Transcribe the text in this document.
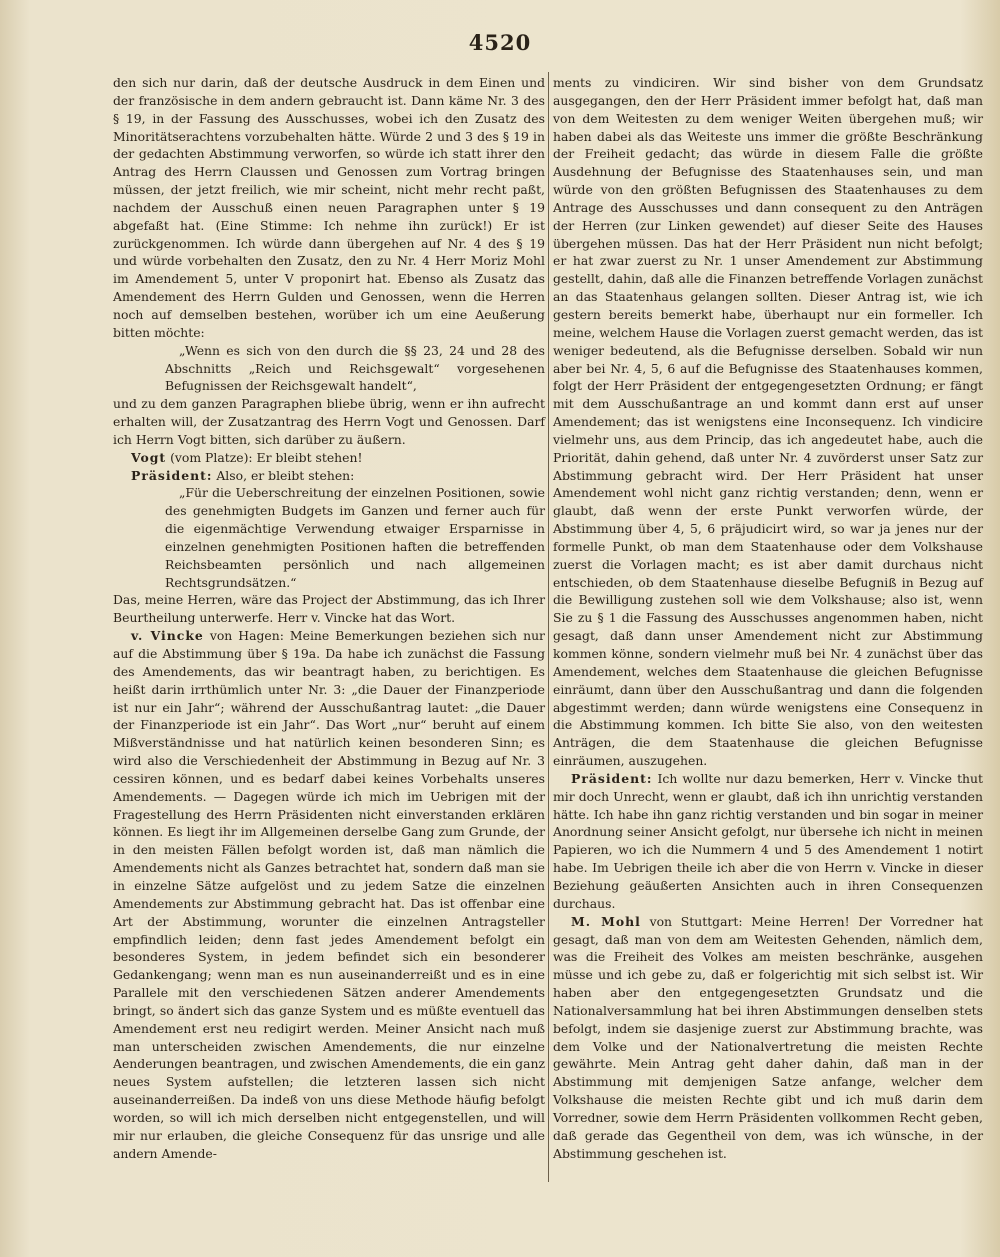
4520

den sich nur darin, daß der deutsche Ausdruck in dem Einen und der französische in dem andern gebraucht ist. Dann käme Nr. 3 des § 19, in der Fassung des Ausschusses, wobei ich den Zusatz des Minoritätserachtens vorzubehalten hätte. Würde 2 und 3 des § 19 in der gedachten Abstimmung verworfen, so würde ich statt ihrer den Antrag des Herrn Claussen und Genossen zum Vortrag bringen müssen, der jetzt freilich, wie mir scheint, nicht mehr recht paßt, nachdem der Ausschuß einen neuen Paragraphen unter § 19 abgefaßt hat. (Eine Stimme: Ich nehme ihn zurück!) Er ist zurückgenommen. Ich würde dann übergehen auf Nr. 4 des § 19 und würde vorbehalten den Zusatz, den zu Nr. 4 Herr Moriz Mohl im Amendement 5, unter V proponirt hat. Ebenso als Zusatz das Amendement des Herrn Gulden und Genossen, wenn die Herren noch auf demselben bestehen, worüber ich um eine Aeußerung bitten möchte:

„Wenn es sich von den durch die §§ 23, 24 und 28 des Abschnitts „Reich und Reichsgewalt“ vorgesehenen Befugnissen der Reichsgewalt handelt“,

und zu dem ganzen Paragraphen bliebe übrig, wenn er ihn aufrecht erhalten will, der Zusatzantrag des Herrn Vogt und Genossen. Darf ich Herrn Vogt bitten, sich darüber zu äußern.

Vogt (vom Platze): Er bleibt stehen!

Präsident: Also, er bleibt stehen:

„Für die Ueberschreitung der einzelnen Positionen, sowie des genehmigten Budgets im Ganzen und ferner auch für die eigenmächtige Verwendung etwaiger Ersparnisse in einzelnen genehmigten Positionen haften die betreffenden Reichsbeamten persönlich und nach allgemeinen Rechtsgrundsätzen.“

Das, meine Herren, wäre das Project der Abstimmung, das ich Ihrer Beurtheilung unterwerfe. Herr v. Vincke hat das Wort.

v. Vincke von Hagen: Meine Bemerkungen beziehen sich nur auf die Abstimmung über § 19a. Da habe ich zunächst die Fassung des Amendements, das wir beantragt haben, zu berichtigen. Es heißt darin irrthümlich unter Nr. 3: „die Dauer der Finanzperiode ist nur ein Jahr“; während der Ausschußantrag lautet: „die Dauer der Finanzperiode ist ein Jahr“. Das Wort „nur“ beruht auf einem Mißverständnisse und hat natürlich keinen besonderen Sinn; es wird also die Verschiedenheit der Abstimmung in Bezug auf Nr. 3 cessiren können, und es bedarf dabei keines Vorbehalts unseres Amendements. — Dagegen würde ich mich im Uebrigen mit der Fragestellung des Herrn Präsidenten nicht einverstanden erklären können. Es liegt ihr im Allgemeinen derselbe Gang zum Grunde, der in den meisten Fällen befolgt worden ist, daß man nämlich die Amendements nicht als Ganzes betrachtet hat, sondern daß man sie in einzelne Sätze aufgelöst und zu jedem Satze die einzelnen Amendements zur Abstimmung gebracht hat. Das ist offenbar eine Art der Abstimmung, worunter die einzelnen Antragsteller empfindlich leiden; denn fast jedes Amendement befolgt ein besonderes System, in jedem befindet sich ein besonderer Gedankengang; wenn man es nun auseinanderreißt und es in eine Parallele mit den verschiedenen Sätzen anderer Amendements bringt, so ändert sich das ganze System und es müßte eventuell das Amendement erst neu redigirt werden. Meiner Ansicht nach muß man unterscheiden zwischen Amendements, die nur einzelne Aenderungen beantragen, und zwischen Amendements, die ein ganz neues System aufstellen; die letzteren lassen sich nicht auseinanderreißen. Da indeß von uns diese Methode häufig befolgt worden, so will ich mich derselben nicht entgegenstellen, und will mir nur erlauben, die gleiche Consequenz für das unsrige und alle andern Amende-

ments zu vindiciren. Wir sind bisher von dem Grundsatz ausgegangen, den der Herr Präsident immer befolgt hat, daß man von dem Weitesten zu dem weniger Weiten übergehen muß; wir haben dabei als das Weiteste uns immer die größte Beschränkung der Freiheit gedacht; das würde in diesem Falle die größte Ausdehnung der Befugnisse des Staatenhauses sein, und man würde von den größten Befugnissen des Staatenhauses zu dem Antrage des Ausschusses und dann consequent zu den Anträgen der Herren (zur Linken gewendet) auf dieser Seite des Hauses übergehen müssen. Das hat der Herr Präsident nun nicht befolgt; er hat zwar zuerst zu Nr. 1 unser Amendement zur Abstimmung gestellt, dahin, daß alle die Finanzen betreffende Vorlagen zunächst an das Staatenhaus gelangen sollten. Dieser Antrag ist, wie ich gestern bereits bemerkt habe, überhaupt nur ein formeller. Ich meine, welchem Hause die Vorlagen zuerst gemacht werden, das ist weniger bedeutend, als die Befugnisse derselben. Sobald wir nun aber bei Nr. 4, 5, 6 auf die Befugnisse des Staatenhauses kommen, folgt der Herr Präsident der entgegengesetzten Ordnung; er fängt mit dem Ausschußantrage an und kommt dann erst auf unser Amendement; das ist wenigstens eine Inconsequenz. Ich vindicire vielmehr uns, aus dem Princip, das ich angedeutet habe, auch die Priorität, dahin gehend, daß unter Nr. 4 zuvörderst unser Satz zur Abstimmung gebracht wird. Der Herr Präsident hat unser Amendement wohl nicht ganz richtig verstanden; denn, wenn er glaubt, daß wenn der erste Punkt verworfen würde, der Abstimmung über 4, 5, 6 präjudicirt wird, so war ja jenes nur der formelle Punkt, ob man dem Staatenhause oder dem Volkshause zuerst die Vorlagen macht; es ist aber damit durchaus nicht entschieden, ob dem Staatenhause dieselbe Befugniß in Bezug auf die Bewilligung zustehen soll wie dem Volkshause; also ist, wenn Sie zu § 1 die Fassung des Ausschusses angenommen haben, nicht gesagt, daß dann unser Amendement nicht zur Abstimmung kommen könne, sondern vielmehr muß bei Nr. 4 zunächst über das Amendement, welches dem Staatenhause die gleichen Befugnisse einräumt, dann über den Ausschußantrag und dann die folgenden abgestimmt werden; dann würde wenigstens eine Consequenz in die Abstimmung kommen. Ich bitte Sie also, von den weitesten Anträgen, die dem Staatenhause die gleichen Befugnisse einräumen, auszugehen.

Präsident: Ich wollte nur dazu bemerken, Herr v. Vincke thut mir doch Unrecht, wenn er glaubt, daß ich ihn unrichtig verstanden hätte. Ich habe ihn ganz richtig verstanden und bin sogar in meiner Anordnung seiner Ansicht gefolgt, nur übersehe ich nicht in meinen Papieren, wo ich die Nummern 4 und 5 des Amendement 1 notirt habe. Im Uebrigen theile ich aber die von Herrn v. Vincke in dieser Beziehung geäußerten Ansichten auch in ihren Consequenzen durchaus.

M. Mohl von Stuttgart: Meine Herren! Der Vorredner hat gesagt, daß man von dem am Weitesten Gehenden, nämlich dem, was die Freiheit des Volkes am meisten beschränke, ausgehen müsse und ich gebe zu, daß er folgerichtig mit sich selbst ist. Wir haben aber den entgegengesetzten Grundsatz und die Nationalversammlung hat bei ihren Abstimmungen denselben stets befolgt, indem sie dasjenige zuerst zur Abstimmung brachte, was dem Volke und der Nationalvertretung die meisten Rechte gewährte. Mein Antrag geht daher dahin, daß man in der Abstimmung mit demjenigen Satze anfange, welcher dem Volkshause die meisten Rechte gibt und ich muß darin dem Vorredner, sowie dem Herrn Präsidenten vollkommen Recht geben, daß gerade das Gegentheil von dem, was ich wünsche, in der Abstimmung geschehen ist.
